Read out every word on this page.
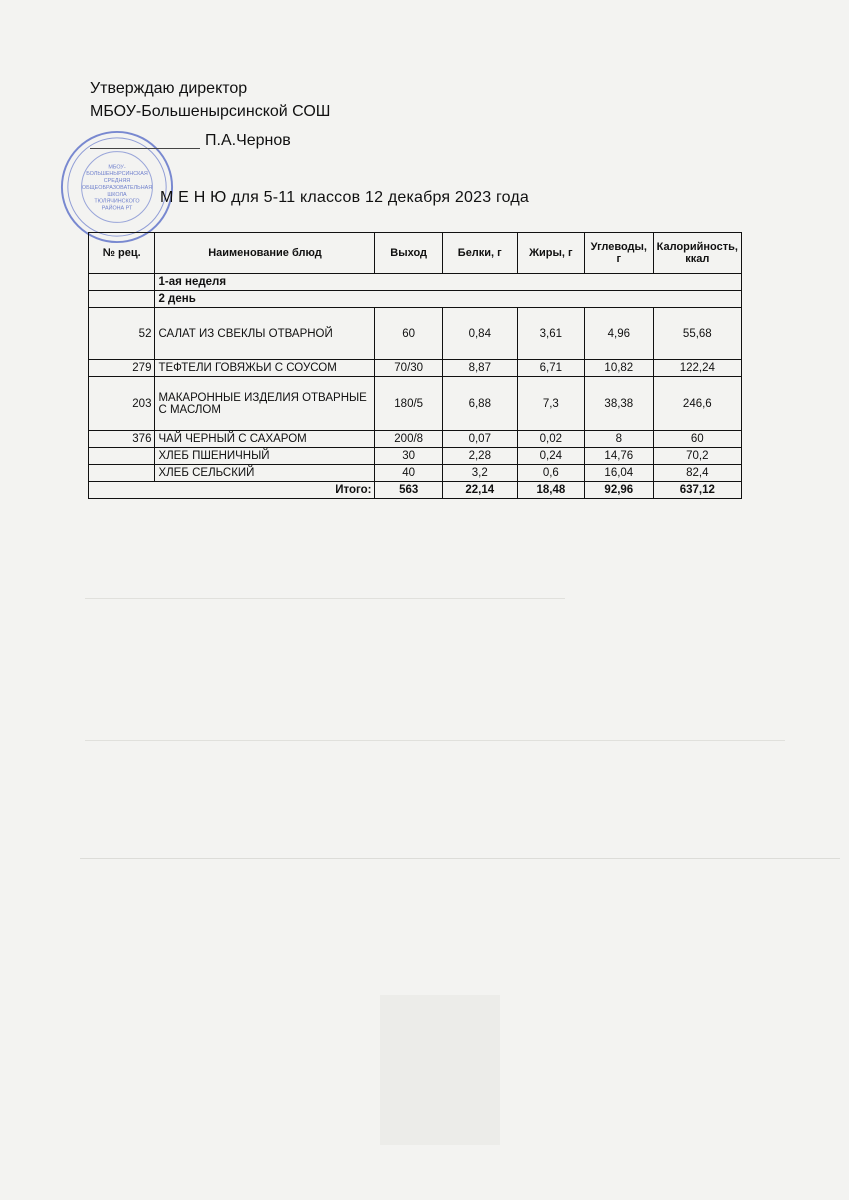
МБОУ-
БОЛЬШЕНЫРСИНСКАЯ
СРЕДНЯЯ
ОБЩЕОБРАЗОВАТЕЛЬНАЯ
ШКОЛА
ТЮЛЯЧИНСКОГО
РАЙОНА РТ
Утверждаю директор
МБОУ-Большенырсинской СОШ
П.А.Чернов
М Е Н Ю для 5-11 классов 12 декабря 2023 года
№ рец.	Наименование блюд	Выход	Белки, г	Жиры, г	Углеводы, г	Калорийность, ккал
	1-ая неделя					
	2 день					
52	САЛАТ ИЗ СВЕКЛЫ ОТВАРНОЙ	60	0,84	3,61	4,96	55,68
279	ТЕФТЕЛИ ГОВЯЖЬИ С СОУСОМ	70/30	8,87	6,71	10,82	122,24
203	МАКАРОННЫЕ ИЗДЕЛИЯ ОТВАРНЫЕ С МАСЛОМ	180/5	6,88	7,3	38,38	246,6
376	ЧАЙ ЧЕРНЫЙ С САХАРОМ	200/8	0,07	0,02	8	60
	ХЛЕБ ПШЕНИЧНЫЙ	30	2,28	0,24	14,76	70,2
	ХЛЕБ СЕЛЬСКИЙ	40	3,2	0,6	16,04	82,4
Итого:		563	22,14	18,48	92,96	637,12
